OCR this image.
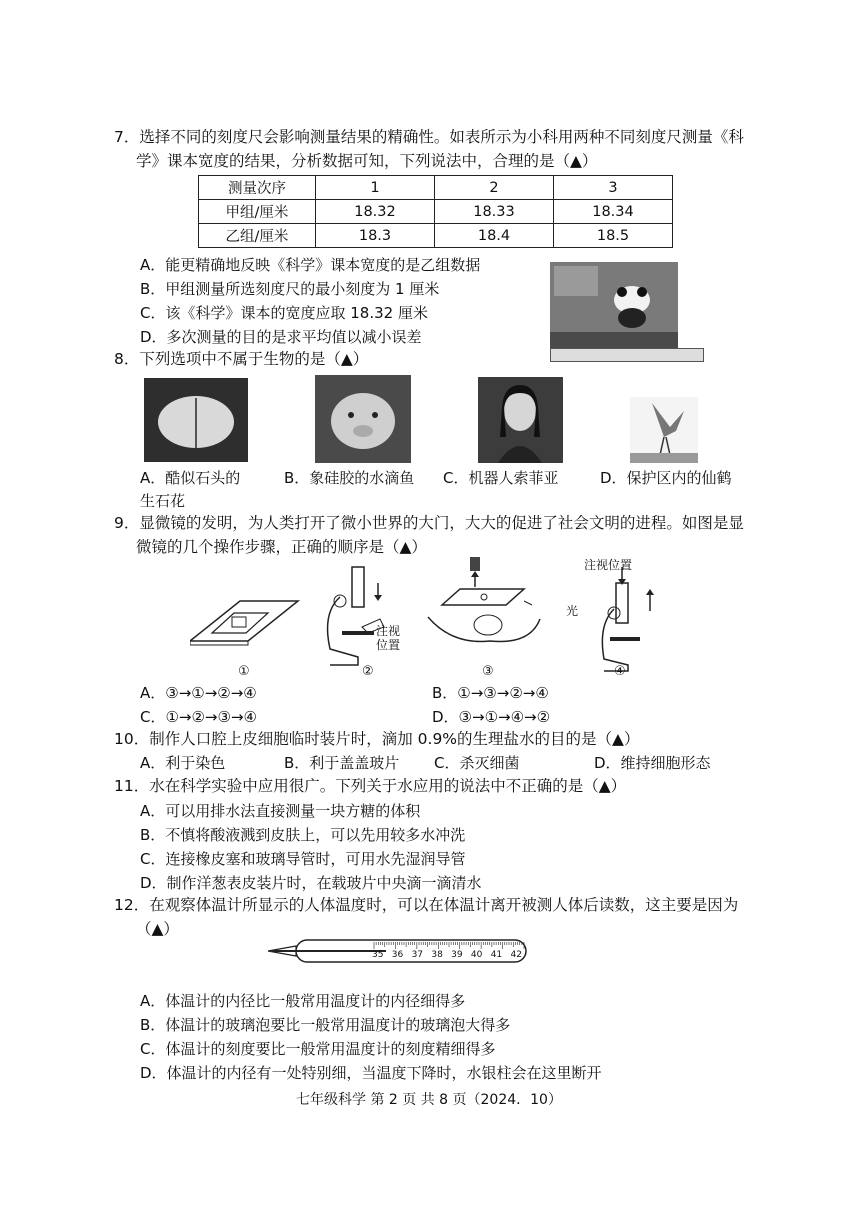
7．选择不同的刻度尺会影响测量结果的精确性。如表所示为小科用两种不同刻度尺测量《科
学》课本宽度的结果，分析数据可知，下列说法中，合理的是（▲）
测量次序	1	2	3
甲组/厘米	18.32	18.33	18.34
乙组/厘米	18.3	18.4	18.5
A．能更精确地反映《科学》课本宽度的是乙组数据
B．甲组测量所选刻度尺的最小刻度为 1 厘米
C．该《科学》课本的宽度应取 18.32 厘米
D．多次测量的目的是求平均值以减小误差
8．下列选项中不属于生物的是（▲）
A．酷似石头的
生石花
B．象硅胶的水滴鱼 C．机器人索菲亚	D．保护区内的仙鹤
9．显微镜的发明，为人类打开了微小世界的大门，大大的促进了社会文明的进程。如图是显
微镜的几个操作步骤，正确的顺序是（▲）
注视
位置
光
注视位置
①	②	③	④
A．③→①→②→④	B．①→③→②→④
C．①→②→③→④	D．③→①→④→②
10．制作人口腔上皮细胞临时装片时，滴加 0.9%的生理盐水的目的是（▲）
A．利于染色	B．利于盖盖玻片 C．杀灭细菌	D．维持细胞形态
11．水在科学实验中应用很广。下列关于水应用的说法中不正确的是（▲）
A．可以用排水法直接测量一块方糖的体积
B．不慎将酸液溅到皮肤上，可以先用较多水冲洗
C．连接橡皮塞和玻璃导管时，可用水先湿润导管
D．制作洋葱表皮装片时，在载玻片中央滴一滴清水
12．在观察体温计所显示的人体温度时，可以在体温计离开被测人体后读数，这主要是因为
（▲）
35 36 37 38 39 40 41 42
A．体温计的内径比一般常用温度计的内径细得多
B．体温计的玻璃泡要比一般常用温度计的玻璃泡大得多
C．体温计的刻度要比一般常用温度计的刻度精细得多
D．体温计的内径有一处特别细，当温度下降时，水银柱会在这里断开
七年级科学 第 2 页 共 8 页（2024．10）
